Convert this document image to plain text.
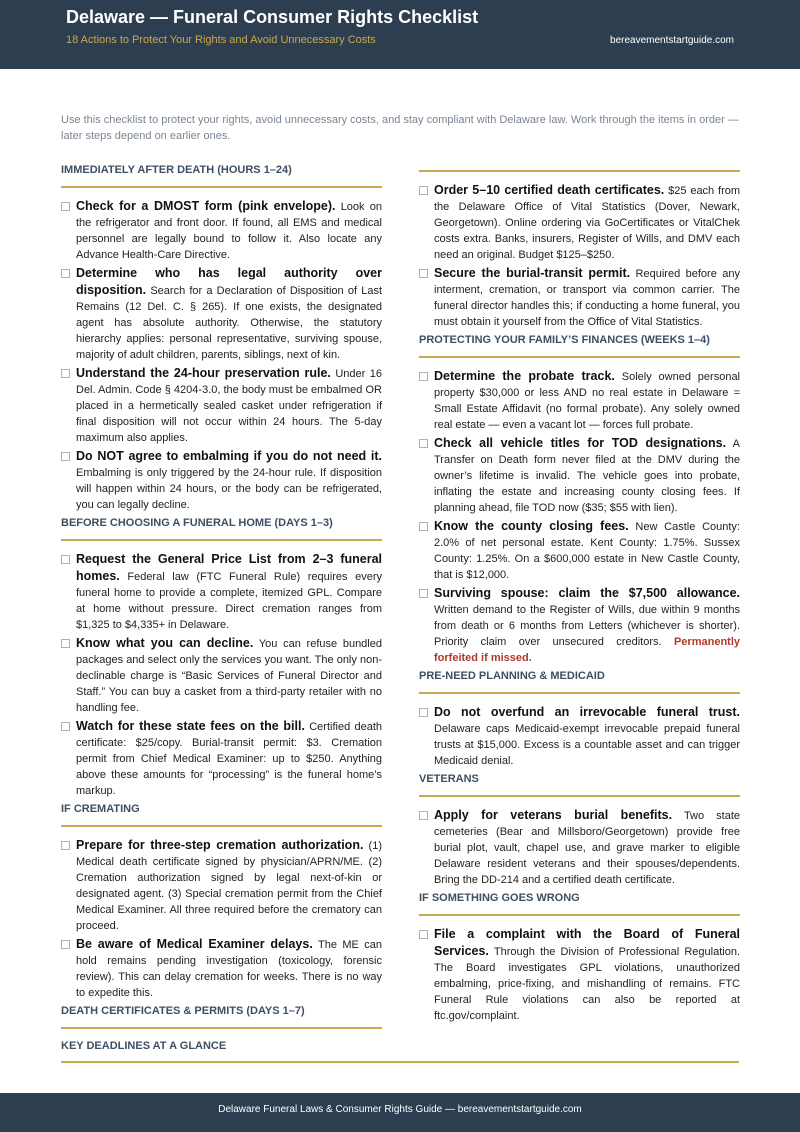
Delaware — Funeral Consumer Rights Checklist
18 Actions to Protect Your Rights and Avoid Unnecessary Costs	bereavementstartguide.com
Use this checklist to protect your rights, avoid unnecessary costs, and stay compliant with Delaware law. Work through the items in order — later steps depend on earlier ones.
IMMEDIATELY AFTER DEATH (HOURS 1–24)
Check for a DMOST form (pink envelope). Look on the refrigerator and front door. If found, all EMS and medical personnel are legally bound to follow it. Also locate any Advance Health-Care Directive.
Determine who has legal authority over disposition. Search for a Declaration of Disposition of Last Remains (12 Del. C. § 265). If one exists, the designated agent has absolute authority. Otherwise, the statutory hierarchy applies: personal representative, surviving spouse, majority of adult children, parents, siblings, next of kin.
Understand the 24-hour preservation rule. Under 16 Del. Admin. Code § 4204-3.0, the body must be embalmed OR placed in a hermetically sealed casket under refrigeration if final disposition will not occur within 24 hours. The 5-day maximum also applies.
Do NOT agree to embalming if you do not need it. Embalming is only triggered by the 24-hour rule. If disposition will happen within 24 hours, or the body can be refrigerated, you can legally decline.
BEFORE CHOOSING A FUNERAL HOME (DAYS 1–3)
Request the General Price List from 2–3 funeral homes. Federal law (FTC Funeral Rule) requires every funeral home to provide a complete, itemized GPL. Compare at home without pressure. Direct cremation ranges from $1,325 to $4,335+ in Delaware.
Know what you can decline. You can refuse bundled packages and select only the services you want. The only non-declinable charge is “Basic Services of Funeral Director and Staff.” You can buy a casket from a third-party retailer with no handling fee.
Watch for these state fees on the bill. Certified death certificate: $25/copy. Burial-transit permit: $3. Cremation permit from Chief Medical Examiner: up to $250. Anything above these amounts for “processing” is the funeral home’s markup.
IF CREMATING
Prepare for three-step cremation authorization. (1) Medical death certificate signed by physician/APRN/ME. (2) Cremation authorization signed by legal next-of-kin or designated agent. (3) Special cremation permit from the Chief Medical Examiner. All three required before the crematory can proceed.
Be aware of Medical Examiner delays. The ME can hold remains pending investigation (toxicology, forensic review). This can delay cremation for weeks. There is no way to expedite this.
DEATH CERTIFICATES & PERMITS (DAYS 1–7)
Order 5–10 certified death certificates. $25 each from the Delaware Office of Vital Statistics (Dover, Newark, Georgetown). Online ordering via GoCertificates or VitalChek costs extra. Banks, insurers, Register of Wills, and DMV each need an original. Budget $125–$250.
Secure the burial-transit permit. Required before any interment, cremation, or transport via common carrier. The funeral director handles this; if conducting a home funeral, you must obtain it yourself from the Office of Vital Statistics.
PROTECTING YOUR FAMILY’S FINANCES (WEEKS 1–4)
Determine the probate track. Solely owned personal property $30,000 or less AND no real estate in Delaware = Small Estate Affidavit (no formal probate). Any solely owned real estate — even a vacant lot — forces full probate.
Check all vehicle titles for TOD designations. A Transfer on Death form never filed at the DMV during the owner’s lifetime is invalid. The vehicle goes into probate, inflating the estate and increasing county closing fees. If planning ahead, file TOD now ($35; $55 with lien).
Know the county closing fees. New Castle County: 2.0% of net personal estate. Kent County: 1.75%. Sussex County: 1.25%. On a $600,000 estate in New Castle County, that is $12,000.
Surviving spouse: claim the $7,500 allowance. Written demand to the Register of Wills, due within 9 months from death or 6 months from Letters (whichever is shorter). Priority claim over unsecured creditors. Permanently forfeited if missed.
PRE-NEED PLANNING & MEDICAID
Do not overfund an irrevocable funeral trust. Delaware caps Medicaid-exempt irrevocable prepaid funeral trusts at $15,000. Excess is a countable asset and can trigger Medicaid denial.
VETERANS
Apply for veterans burial benefits. Two state cemeteries (Bear and Millsboro/Georgetown) provide free burial plot, vault, chapel use, and grave marker to eligible Delaware resident veterans and their spouses/dependents. Bring the DD-214 and a certified death certificate.
IF SOMETHING GOES WRONG
File a complaint with the Board of Funeral Services. Through the Division of Professional Regulation. The Board investigates GPL violations, unauthorized embalming, price-fixing, and mishandling of remains. FTC Funeral Rule violations can also be reported at ftc.gov/complaint.
KEY DEADLINES AT A GLANCE
Delaware Funeral Laws & Consumer Rights Guide — bereavementstartguide.com
